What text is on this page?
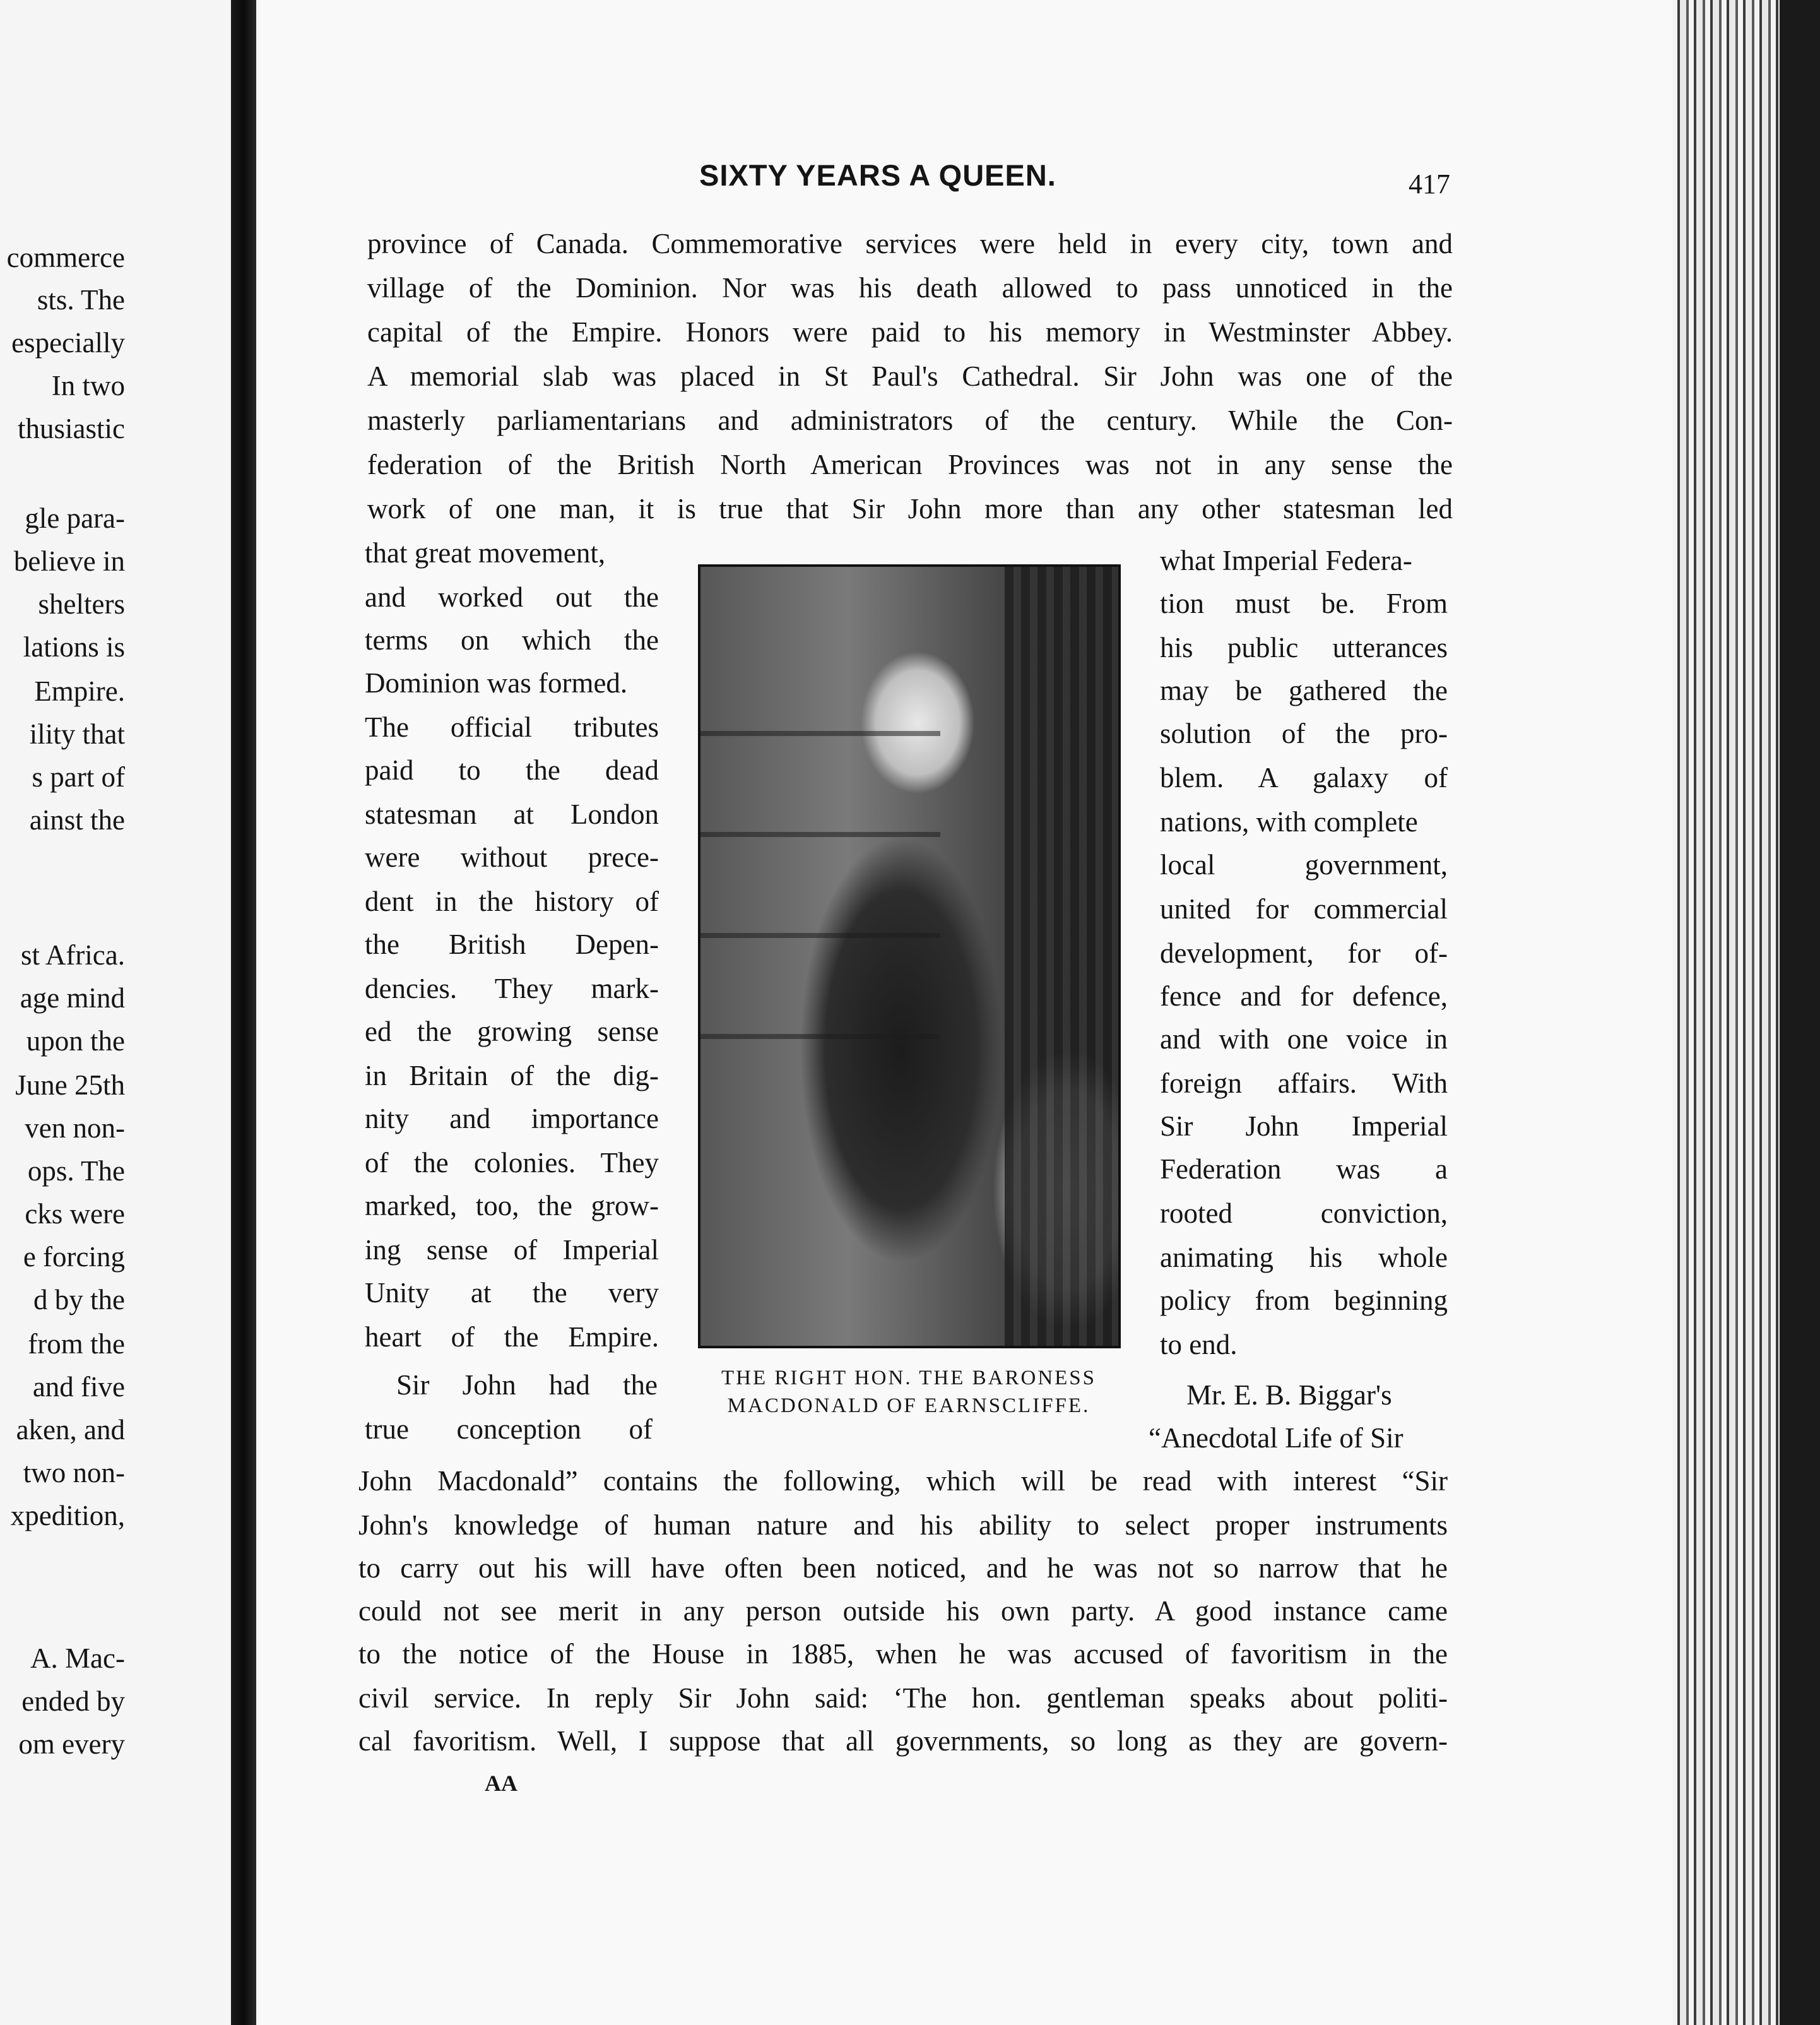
commerce
sts. The
especially
In two
thusiastic
gle para-
believe in
shelters
lations is
Empire.
ility that
s part of
ainst the
st Africa.
age mind
upon the
June 25th
ven non-
ops. The
cks were
e forcing
d by the
from the
and five
aken, and
two non-
xpedition,
A. Mac-
ended by
om every
SIXTY YEARS A QUEEN.	417
province of Canada. Commemorative services were held in every city, town and
village of the Dominion. Nor was his death allowed to pass unnoticed in the
capital of the Empire. Honors were paid to his memory in Westminster Abbey.
A memorial slab was placed in St Paul's Cathedral. Sir John was one of the
masterly parliamentarians and administrators of the century. While the Con-
federation of the British North American Provinces was not in any sense the
work of one man, it is true that Sir John more than any other statesman led
that great movement,
and worked out the
terms on which the
Dominion was formed.
The official tributes
paid to the dead
statesman at London
were without prece-
dent in the history of
the British Depen-
dencies. They mark-
ed the growing sense
in Britain of the dig-
nity and importance
of the colonies. They
marked, too, the grow-
ing sense of Imperial
Unity at the very
heart of the Empire.
Sir John had the
true conception of
THE RIGHT HON. THE BARONESS
MACDONALD OF EARNSCLIFFE.
what Imperial Federa-
tion must be. From
his public utterances
may be gathered the
solution of the pro-
blem. A galaxy of
nations, with complete
local government,
united for commercial
development, for of-
fence and for defence,
and with one voice in
foreign affairs. With
Sir John Imperial
Federation was a
rooted conviction,
animating his whole
policy from beginning
to end.
Mr. E. B. Biggar's
“Anecdotal Life of Sir
John Macdonald” contains the following, which will be read with interest “Sir
John's knowledge of human nature and his ability to select proper instruments
to carry out his will have often been noticed, and he was not so narrow that he
could not see merit in any person outside his own party. A good instance came
to the notice of the House in 1885, when he was accused of favoritism in the
civil service. In reply Sir John said: ‘The hon. gentleman speaks about politi-
cal favoritism. Well, I suppose that all governments, so long as they are govern-
AA
